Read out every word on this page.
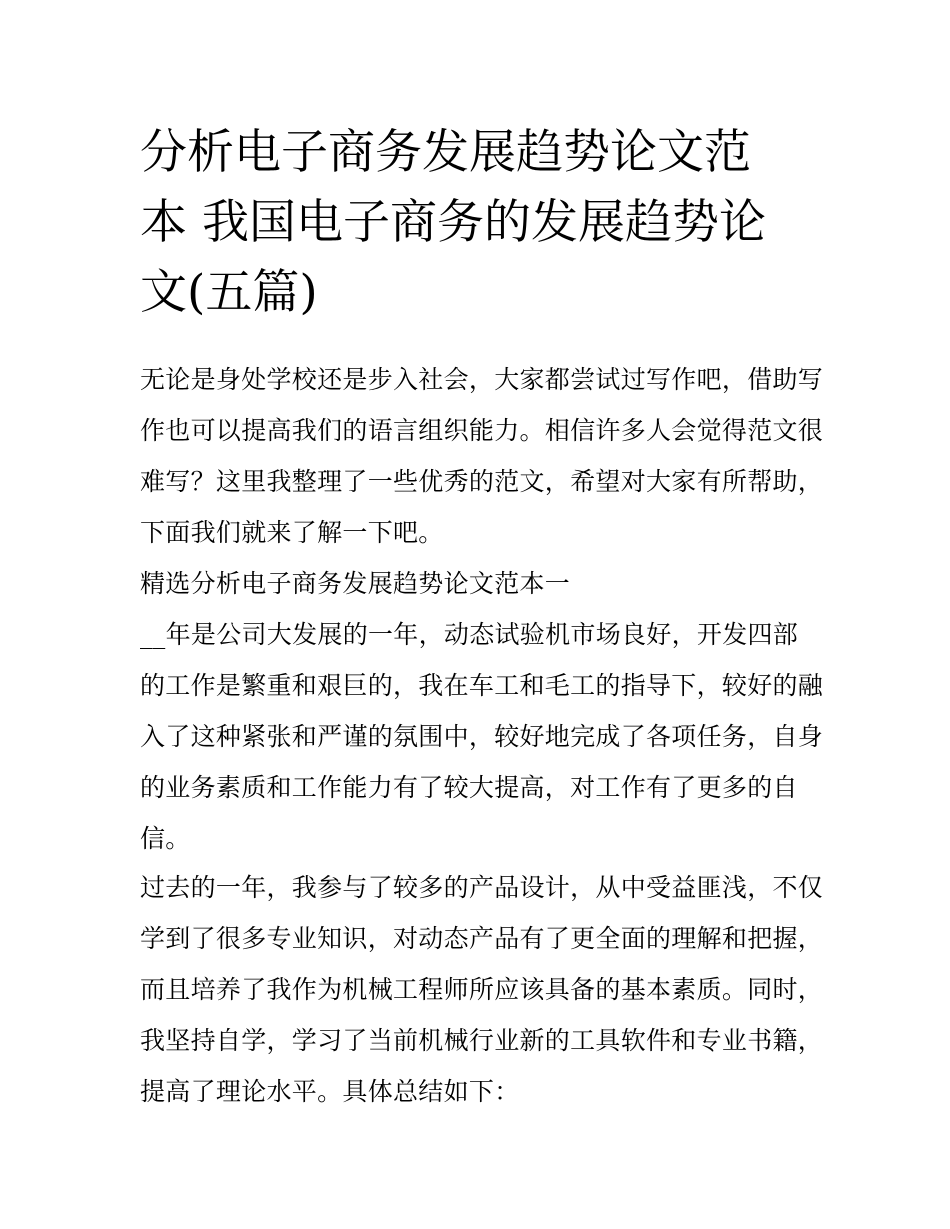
分析电子商务发展趋势论文范
本 我国电子商务的发展趋势论
文(五篇)

无论是身处学校还是步入社会，大家都尝试过写作吧，借助写
作也可以提高我们的语言组织能力。相信许多人会觉得范文很
难写？这里我整理了一些优秀的范文，希望对大家有所帮助，
下面我们就来了解一下吧。

精选分析电子商务发展趋势论文范本一

__年是公司大发展的一年，动态试验机市场良好，开发四部
的工作是繁重和艰巨的，我在车工和毛工的指导下，较好的融
入了这种紧张和严谨的氛围中，较好地完成了各项任务，自身
的业务素质和工作能力有了较大提高，对工作有了更多的自
信。

过去的一年，我参与了较多的产品设计，从中受益匪浅，不仅
学到了很多专业知识，对动态产品有了更全面的理解和把握，
而且培养了我作为机械工程师所应该具备的基本素质。同时，
我坚持自学，学习了当前机械行业新的工具软件和专业书籍，
提高了理论水平。具体总结如下：
